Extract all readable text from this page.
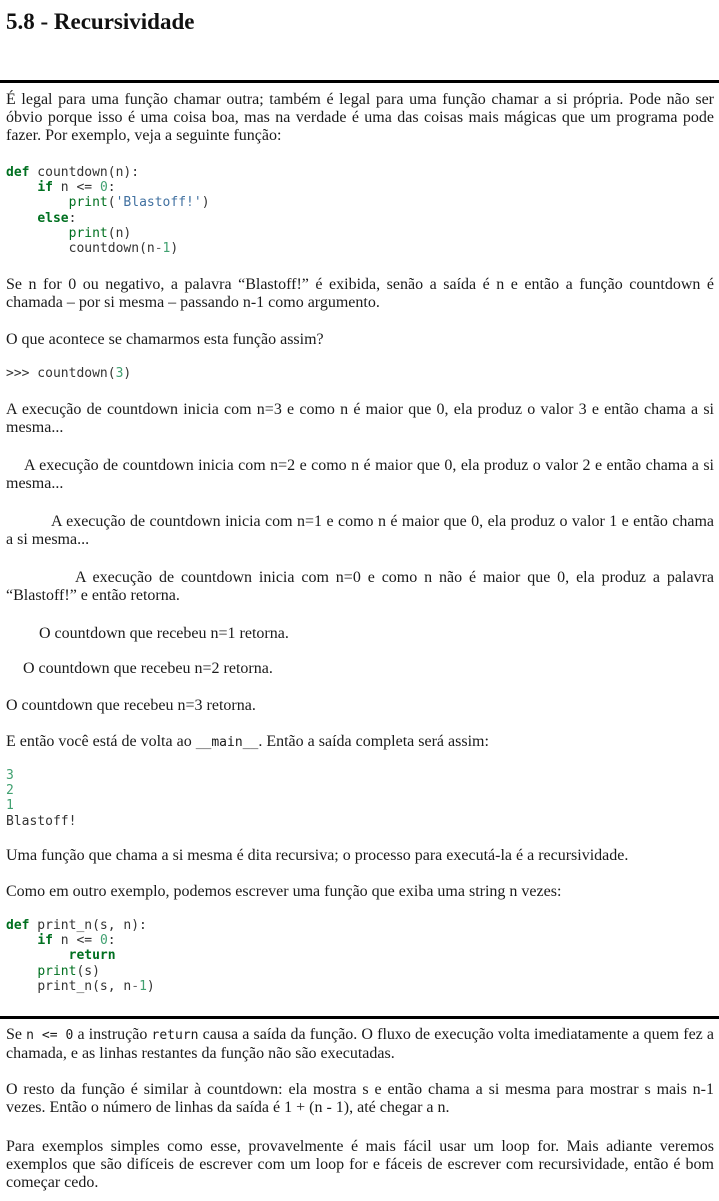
5.8 - Recursividade

É legal para uma função chamar outra; também é legal para uma função chamar a si própria. Pode não ser óbvio porque isso é uma coisa boa, mas na verdade é uma das coisas mais mágicas que um programa pode fazer. Por exemplo, veja a seguinte função:

def countdown(n):
if n <= 0:
print('Blastoff!')
else:
print(n)
countdown(n-1)

Se n for 0 ou negativo, a palavra “Blastoff!” é exibida, senão a saída é n e então a função countdown é chamada – por si mesma – passando n-1 como argumento.

O que acontece se chamarmos esta função assim?

>>> countdown(3)

A execução de countdown inicia com n=3 e como n é maior que 0, ela produz o valor 3 e então chama a si mesma...

A execução de countdown inicia com n=2 e como n é maior que 0, ela produz o valor 2 e então chama a si mesma...

A execução de countdown inicia com n=1 e como n é maior que 0, ela produz o valor 1 e então chama a si mesma...

A execução de countdown inicia com n=0 e como n não é maior que 0, ela produz a palavra “Blastoff!” e então retorna.

O countdown que recebeu n=1 retorna.

O countdown que recebeu n=2 retorna.

O countdown que recebeu n=3 retorna.

E então você está de volta ao __main__. Então a saída completa será assim:

3
2
1
Blastoff!

Uma função que chama a si mesma é dita recursiva; o processo para executá-la é a recursividade.

Como em outro exemplo, podemos escrever uma função que exiba uma string n vezes:

def print_n(s, n):
if n <= 0:
return
print(s)
print_n(s, n-1)

Se n <= 0 a instrução return causa a saída da função. O fluxo de execução volta imediatamente a quem fez a chamada, e as linhas restantes da função não são executadas.

O resto da função é similar à countdown: ela mostra s e então chama a si mesma para mostrar s mais n-1 vezes. Então o número de linhas da saída é 1 + (n - 1), até chegar a n.

Para exemplos simples como esse, provavelmente é mais fácil usar um loop for. Mais adiante veremos exemplos que são difíceis de escrever com um loop for e fáceis de escrever com recursividade, então é bom começar cedo.
